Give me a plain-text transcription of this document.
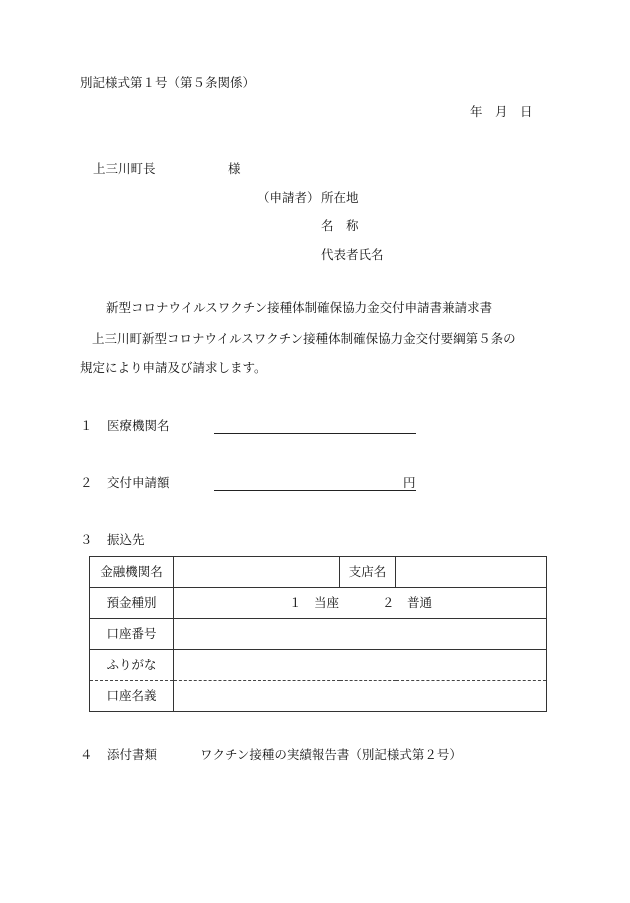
別記様式第１号（第５条関係）
年　月　日
上三川町長	様
（申請者） 所在地
名　称
代表者氏名
新型コロナウイルスワクチン接種体制確保協力金交付申請書兼請求書
上三川町新型コロナウイルスワクチン接種体制確保協力金交付要綱第５条の
規定により申請及び請求します。
１ 医療機関名
２ 交付申請額	円
３ 振込先
金融機関名		支店名	
預金種別	１　当座 ２　普通		

口座番号			
ふりがな			
口座名義			
４ 添付書類	ワクチン接種の実績報告書（別記様式第２号）
